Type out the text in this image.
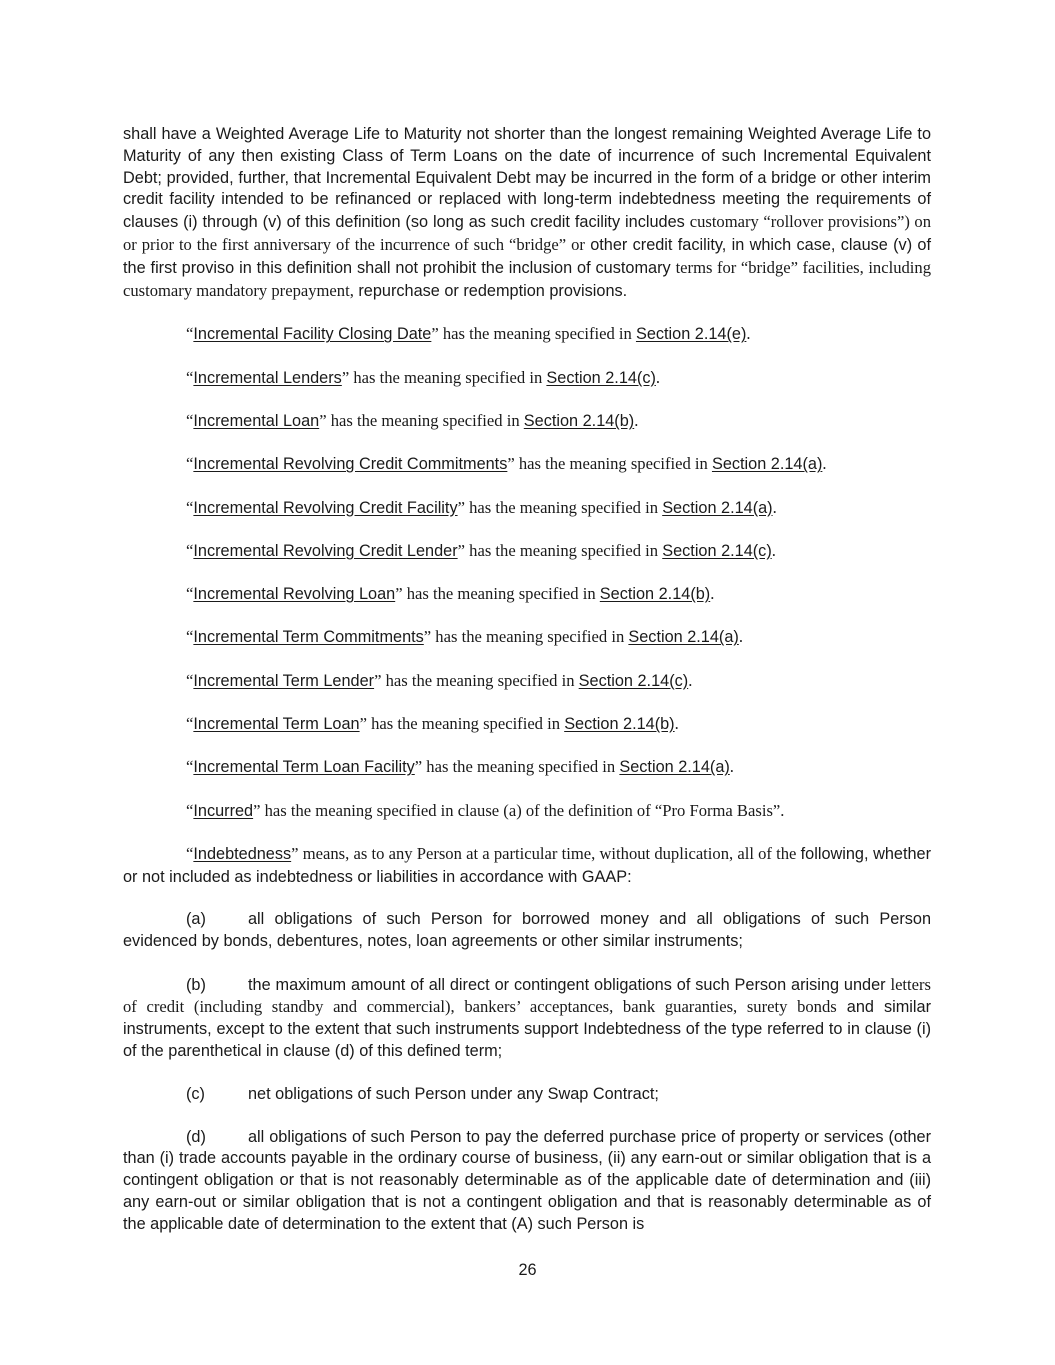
shall have a Weighted Average Life to Maturity not shorter than the longest remaining Weighted Average Life to Maturity of any then existing Class of Term Loans on the date of incurrence of such Incremental Equivalent Debt; provided, further, that Incremental Equivalent Debt may be incurred in the form of a bridge or other interim credit facility intended to be refinanced or replaced with long-term indebtedness meeting the requirements of clauses (i) through (v) of this definition (so long as such credit facility includes customary “rollover provisions”) on or prior to the first anniversary of the incurrence of such “bridge” or other credit facility, in which case, clause (v) of the first proviso in this definition shall not prohibit the inclusion of customary terms for “bridge” facilities, including customary mandatory prepayment, repurchase or redemption provisions.

“Incremental Facility Closing Date” has the meaning specified in Section 2.14(e).

“Incremental Lenders” has the meaning specified in Section 2.14(c).

“Incremental Loan” has the meaning specified in Section 2.14(b).

“Incremental Revolving Credit Commitments” has the meaning specified in Section 2.14(a).

“Incremental Revolving Credit Facility” has the meaning specified in Section 2.14(a).

“Incremental Revolving Credit Lender” has the meaning specified in Section 2.14(c).

“Incremental Revolving Loan” has the meaning specified in Section 2.14(b).

“Incremental Term Commitments” has the meaning specified in Section 2.14(a).

“Incremental Term Lender” has the meaning specified in Section 2.14(c).

“Incremental Term Loan” has the meaning specified in Section 2.14(b).

“Incremental Term Loan Facility” has the meaning specified in Section 2.14(a).

“Incurred” has the meaning specified in clause (a) of the definition of “Pro Forma Basis”.

“Indebtedness” means, as to any Person at a particular time, without duplication, all of the following, whether or not included as indebtedness or liabilities in accordance with GAAP:

(a)	all obligations of such Person for borrowed money and all obligations of such Person evidenced by bonds, debentures, notes, loan agreements or other similar instruments;

(b)	the maximum amount of all direct or contingent obligations of such Person arising under letters of credit (including standby and commercial), bankers’ acceptances, bank guaranties, surety bonds and similar instruments, except to the extent that such instruments support Indebtedness of the type referred to in clause (i) of the parenthetical in clause (d) of this defined term;

(c)	net obligations of such Person under any Swap Contract;

(d)	all obligations of such Person to pay the deferred purchase price of property or services (other than (i) trade accounts payable in the ordinary course of business, (ii) any earn-out or similar obligation that is a contingent obligation or that is not reasonably determinable as of the applicable date of determination and (iii) any earn-out or similar obligation that is not a contingent obligation and that is reasonably determinable as of the applicable date of determination to the extent that (A) such Person is

26
